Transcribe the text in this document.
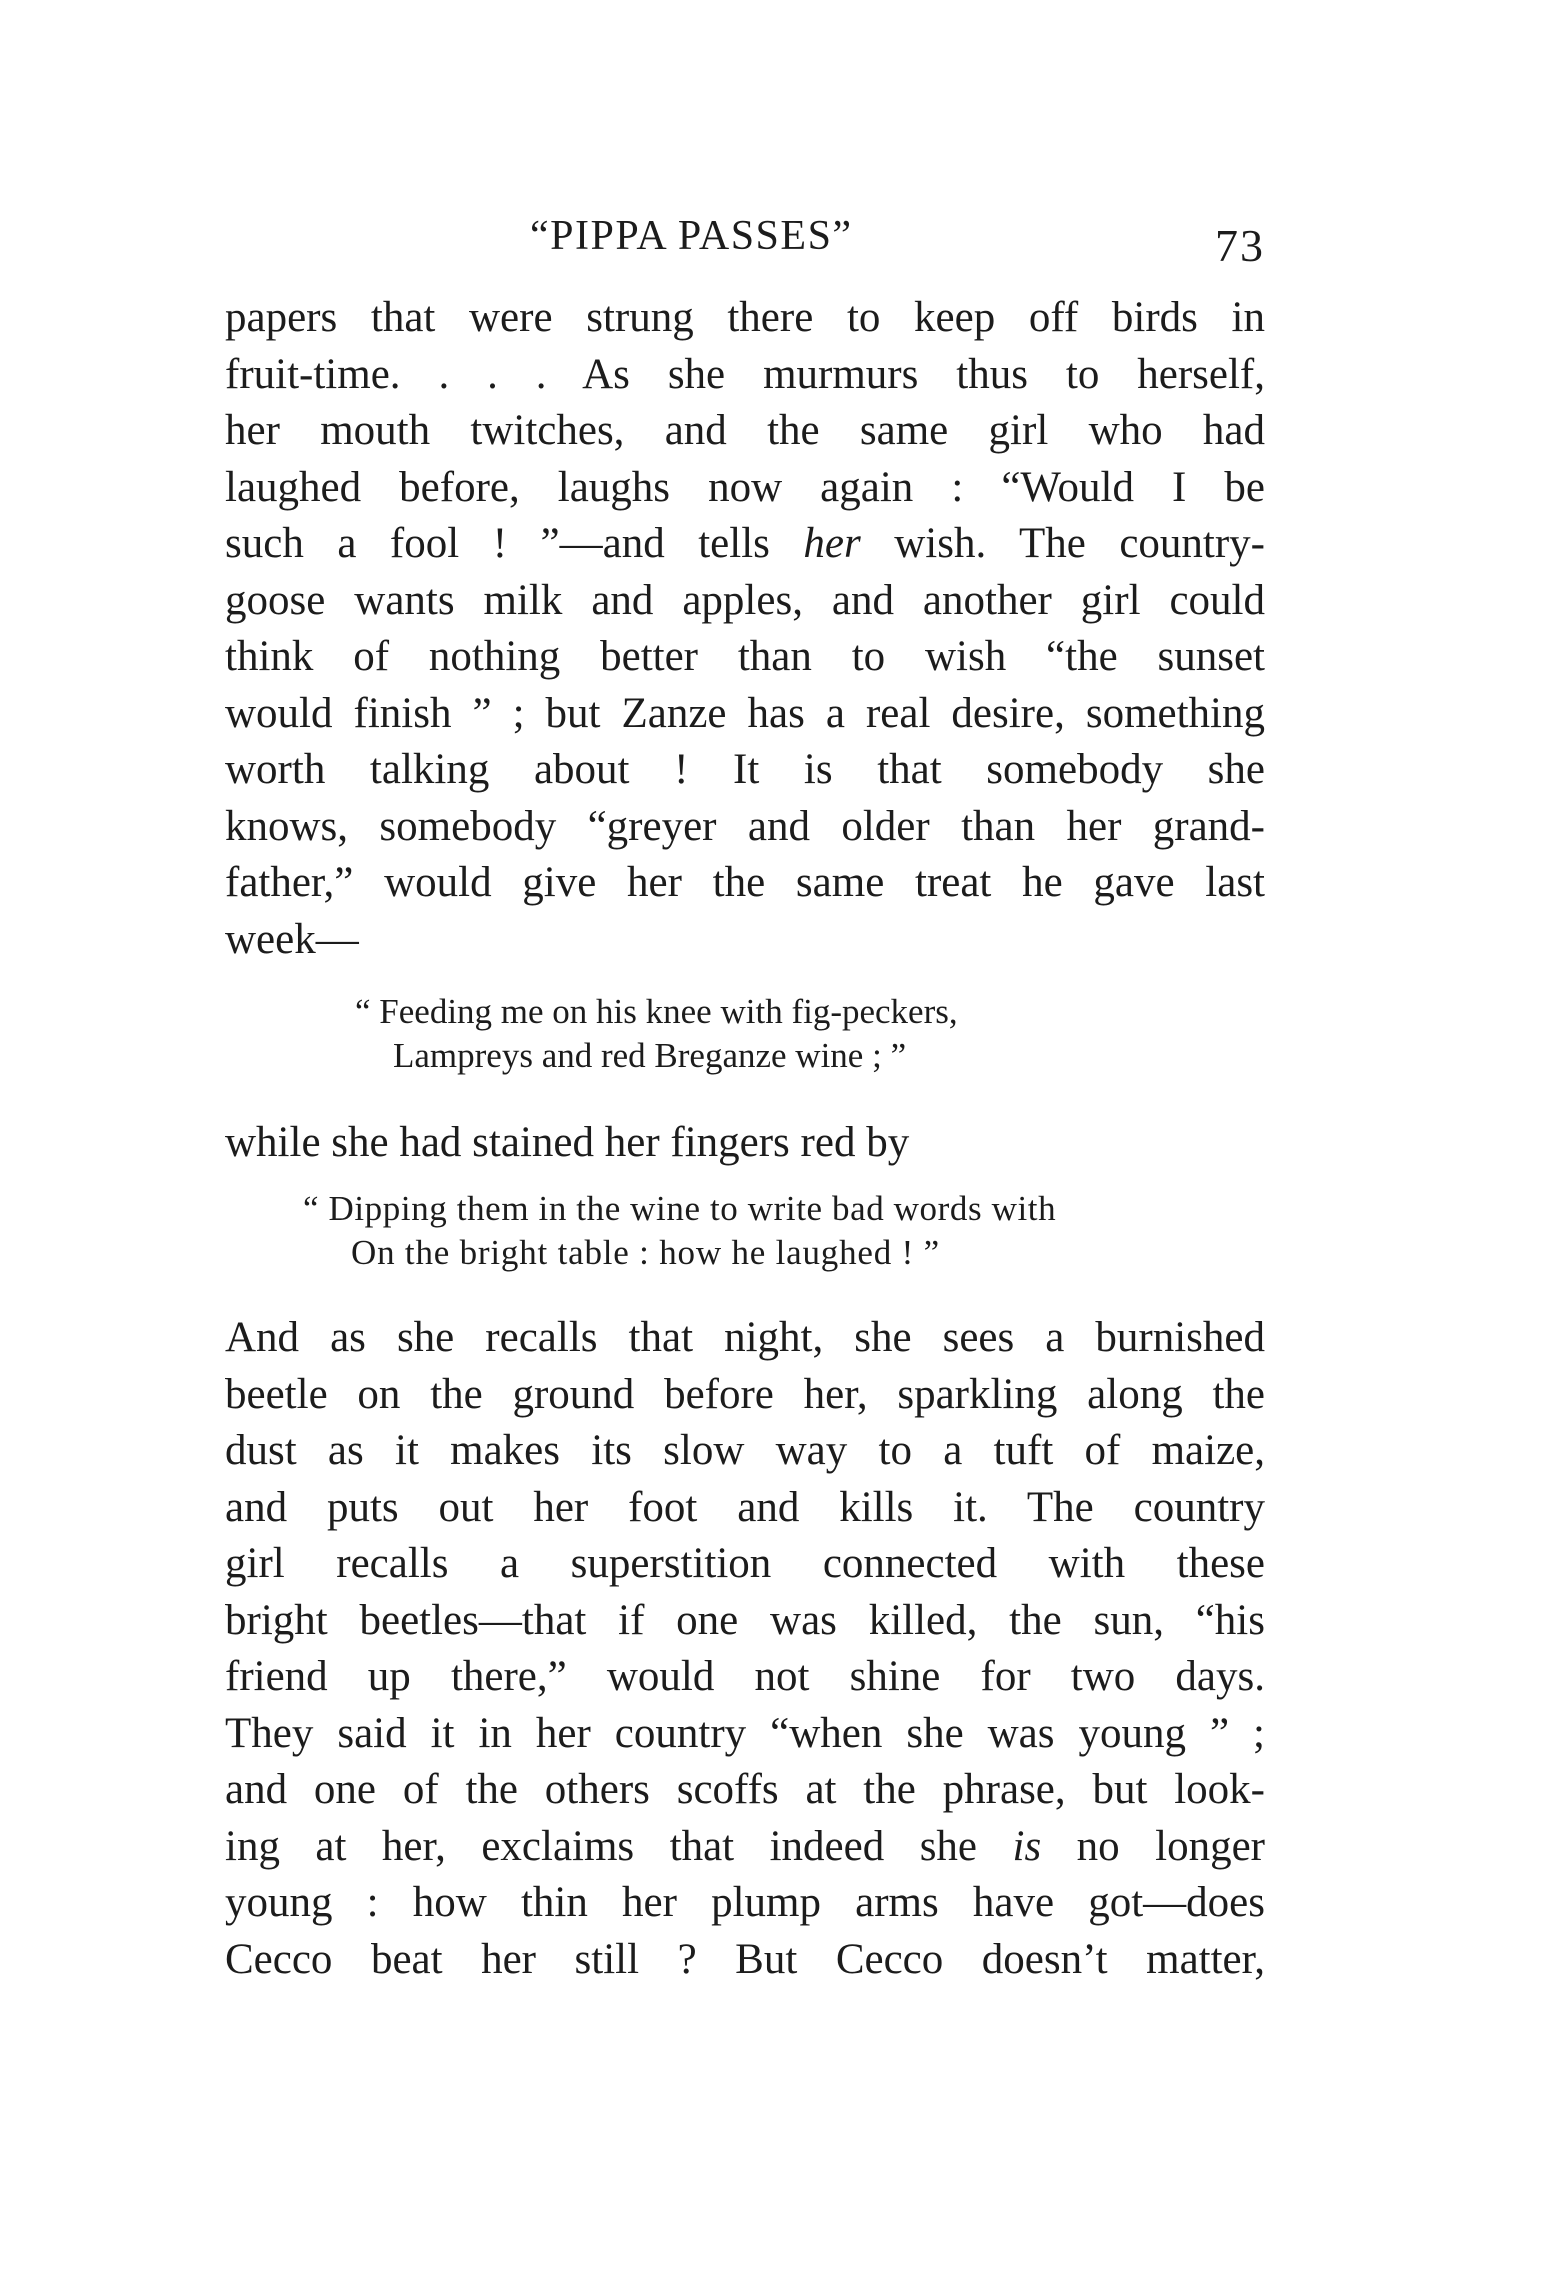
“PIPPA PASSES”	73
papers that were strung there to keep off birds in
fruit-time. . . . As she murmurs thus to herself,
her mouth twitches, and the same girl who had
laughed before, laughs now again : “Would I be
such a fool ! ”—and tells her wish. The country-
goose wants milk and apples, and another girl could
think of nothing better than to wish “the sunset
would finish ” ; but Zanze has a real desire, something
worth talking about ! It is that somebody she
knows, somebody “greyer and older than her grand-
father,” would give her the same treat he gave last
week—
“ Feeding me on his knee with fig-peckers,
Lampreys and red Breganze wine ; ”
while she had stained her fingers red by
“ Dipping them in the wine to write bad words with
On the bright table : how he laughed ! ”
And as she recalls that night, she sees a burnished
beetle on the ground before her, sparkling along the
dust as it makes its slow way to a tuft of maize,
and puts out her foot and kills it. The country
girl recalls a superstition connected with these
bright beetles—that if one was killed, the sun, “his
friend up there,” would not shine for two days.
They said it in her country “when she was young ” ;
and one of the others scoffs at the phrase, but look-
ing at her, exclaims that indeed she is no longer
young : how thin her plump arms have got—does
Cecco beat her still ? But Cecco doesn’t matter,
